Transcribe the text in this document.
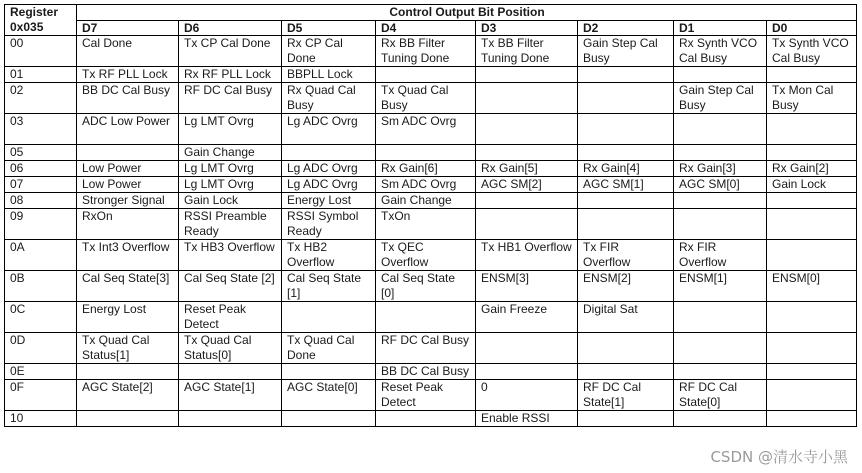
Register
0x035	Control Output Bit Position							
	D7	D6	D5	D4	D3	D2	D1	D0
00	Cal Done	Tx CP Cal Done	Rx CP Cal Done	Rx BB Filter Tuning Done	Tx BB Filter Tuning Done	Gain Step Cal Busy	Rx Synth VCO Cal Busy	Tx Synth VCO Cal Busy
01	Tx RF PLL Lock	Rx RF PLL Lock	BBPLL Lock					
02	BB DC Cal Busy	RF DC Cal Busy	Rx Quad Cal Busy	Tx Quad Cal Busy			Gain Step Cal Busy	Tx Mon Cal Busy
03	ADC Low Power	Lg LMT Ovrg	Lg ADC Ovrg	Sm ADC Ovrg				
05		Gain Change						
06	Low Power	Lg LMT Ovrg	Lg ADC Ovrg	Rx Gain[6]	Rx Gain[5]	Rx Gain[4]	Rx Gain[3]	Rx Gain[2]
07	Low Power	Lg LMT Ovrg	Lg ADC Ovrg	Sm ADC Ovrg	AGC SM[2]	AGC SM[1]	AGC SM[0]	Gain Lock
08	Stronger Signal	Gain Lock	Energy Lost	Gain Change				
09	RxOn	RSSI Preamble Ready	RSSI Symbol Ready	TxOn				
0A	Tx Int3 Overflow	Tx HB3 Overflow	Tx HB2 Overflow	Tx QEC Overflow	Tx HB1 Overflow	Tx FIR Overflow	Rx FIR Overflow	
0B	Cal Seq State[3]	Cal Seq State [2]	Cal Seq State [1]	Cal Seq State [0]	ENSM[3]	ENSM[2]	ENSM[1]	ENSM[0]
0C	Energy Lost	Reset Peak Detect			Gain Freeze	Digital Sat		
0D	Tx Quad Cal Status[1]	Tx Quad Cal Status[0]	Tx Quad Cal Done	RF DC Cal Busy				
0E				BB DC Cal Busy				
0F	AGC State[2]	AGC State[1]	AGC State[0]	Reset Peak Detect	0	RF DC Cal State[1]	RF DC Cal State[0]	
10					Enable RSSI			
CSDN @清水寺小黑
